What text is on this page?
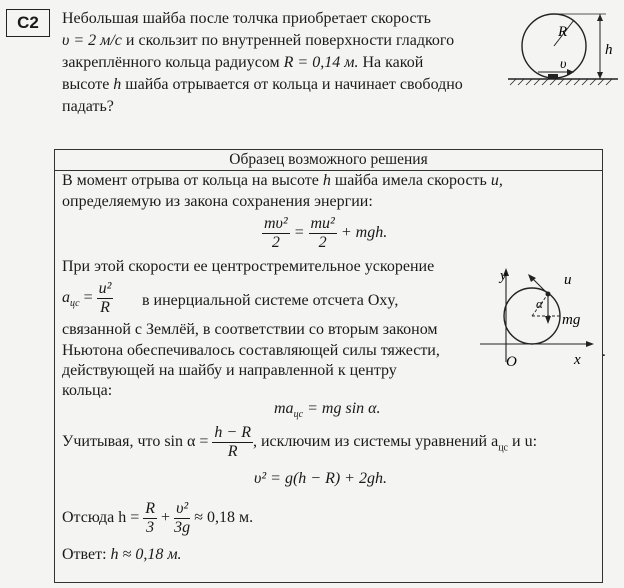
C2	Небольшая шайба после толчка приобретает скорость
υ = 2 м/с и скользит по внутренней поверхности гладкого
закреплённого кольца радиусом R = 0,14 м. На какой
высоте h шайба отрывается от кольца и начинает свободно
падать?
R
υ
h
Образец возможного решения
В момент отрыва от кольца на высоте h шайба имела скорость u,
определяемую из закона сохранения энергии:
$\frac{\text{mυ²}}{2} = \frac{\text{mu²}}{2}$ + mgh.
При этой скорости ее центростремительное ускорение
$a_{цс} = \frac{\text{u²}}{R}$ в инерциальной системе отсчета Oxy,
связанной с Землёй, в соответствии со вторым законом
Ньютона обеспечивалось составляющей силы тяжести,
действующей на шайбу и направленной к центру
кольца:
y	u
α
mg
O	x .
$ma_{цс}$ = mg sin α.
Учитывая, что $\sin \alpha = \frac{h - R}{R}$ , исключим из системы уравнений $a_{цс}$ и u:
υ² = g(h − R) + 2gh.
Отсюда $h = \frac{R}{3} + \frac{\text{υ²}}{3g} \approx 0,18$ м.
Ответ: h ≈ 0,18 м.
